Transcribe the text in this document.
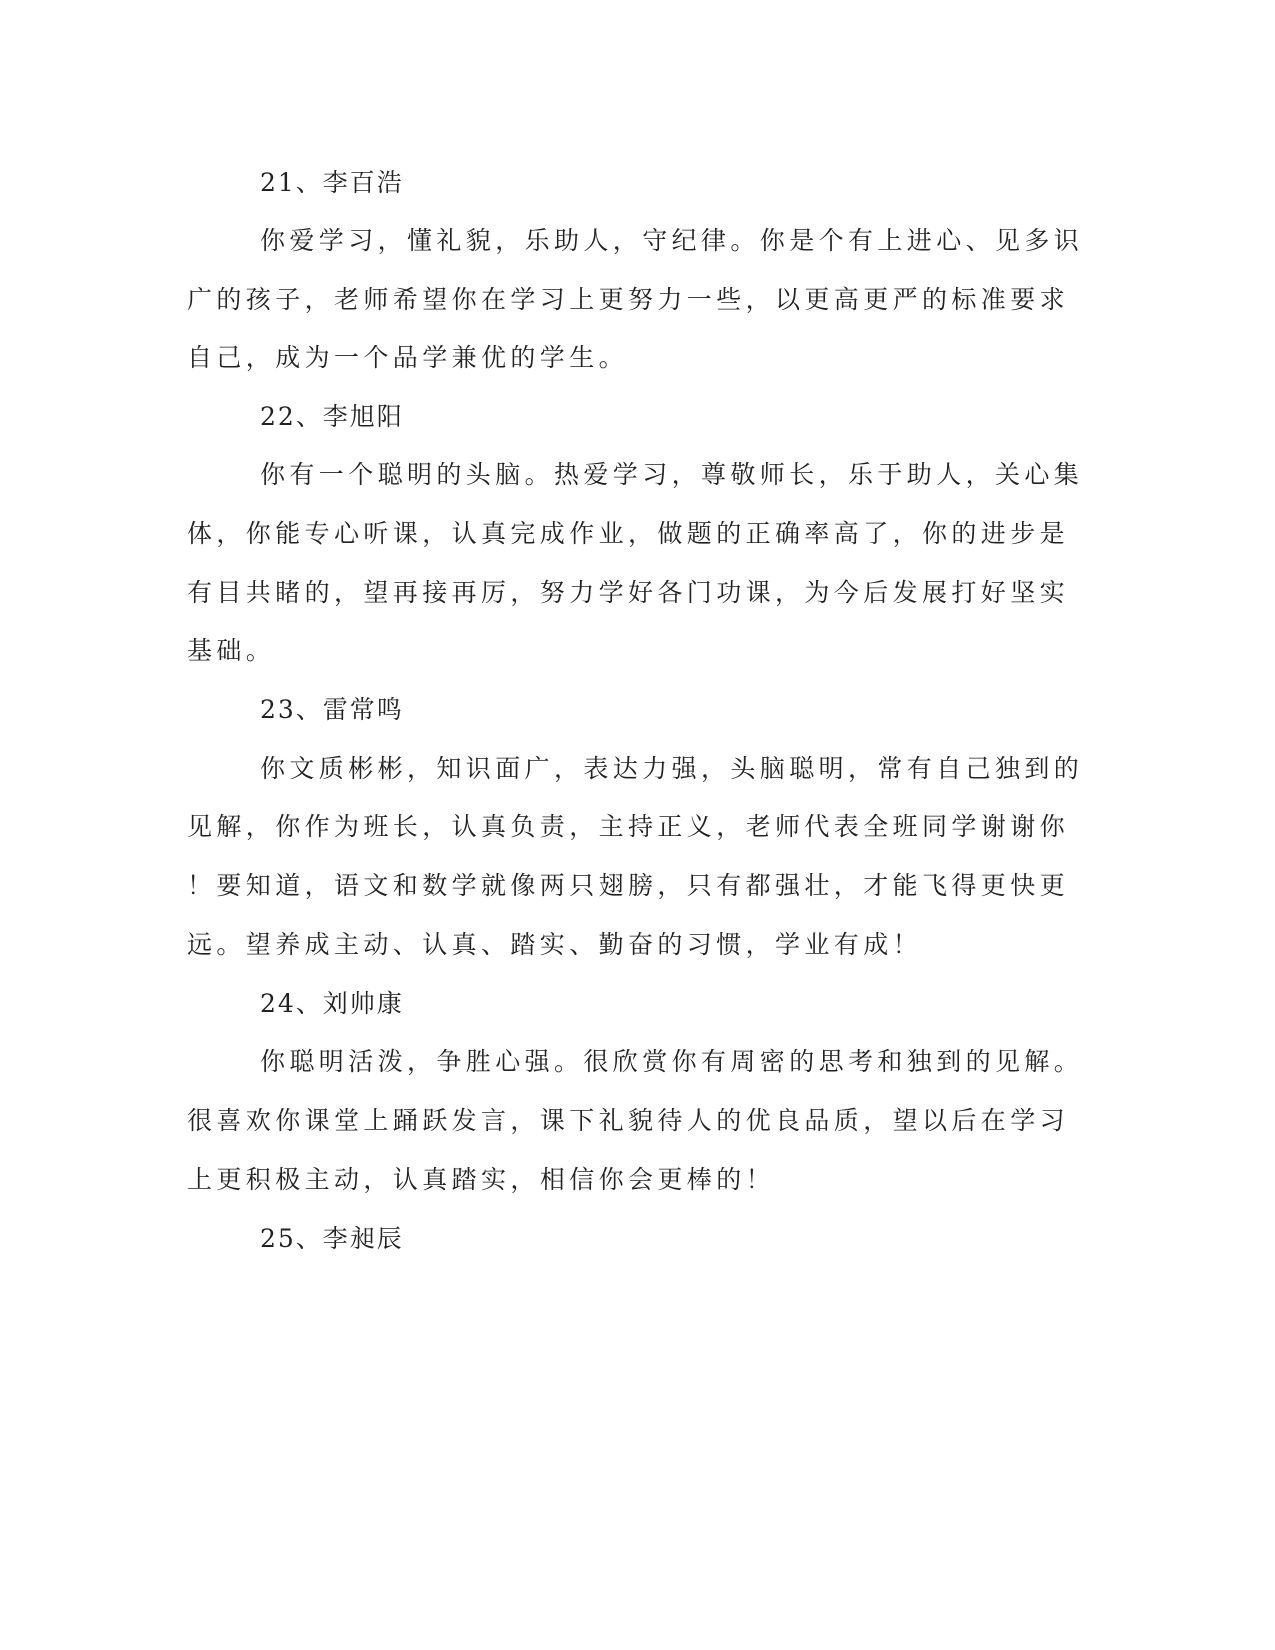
21、李百浩
你爱学习，懂礼貌，乐助人，守纪律。你是个有上进心、见多识
广的孩子，老师希望你在学习上更努力一些，以更高更严的标准要求
自己，成为一个品学兼优的学生。
22、李旭阳
你有一个聪明的头脑。热爱学习，尊敬师长，乐于助人，关心集
体，你能专心听课，认真完成作业，做题的正确率高了，你的进步是
有目共睹的，望再接再厉，努力学好各门功课，为今后发展打好坚实
基础。
23、雷常鸣
你文质彬彬，知识面广，表达力强，头脑聪明，常有自己独到的
见解，你作为班长，认真负责，主持正义，老师代表全班同学谢谢你
！要知道，语文和数学就像两只翅膀，只有都强壮，才能飞得更快更
远。望养成主动、认真、踏实、勤奋的习惯，学业有成！
24、刘帅康
你聪明活泼，争胜心强。很欣赏你有周密的思考和独到的见解。
很喜欢你课堂上踊跃发言，课下礼貌待人的优良品质，望以后在学习
上更积极主动，认真踏实，相信你会更棒的！
25、李昶辰
